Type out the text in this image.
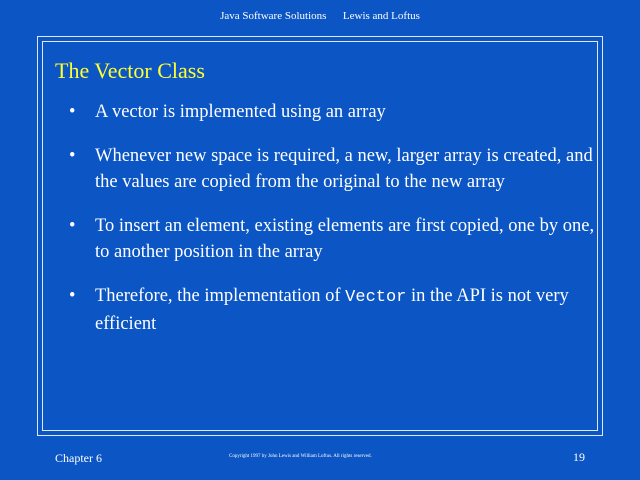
Java Software Solutions Lewis and Loftus
The Vector Class
• A vector is implemented using an array
• Whenever new space is required, a new, larger array is created, and the values are copied from the original to the new array
• To insert an element, existing elements are first copied, one by one, to another position in the array
• Therefore, the implementation of Vector in the API is not very efficient
Chapter 6	Copyright 1997 by John Lewis and William Loftus. All rights reserved.	19
